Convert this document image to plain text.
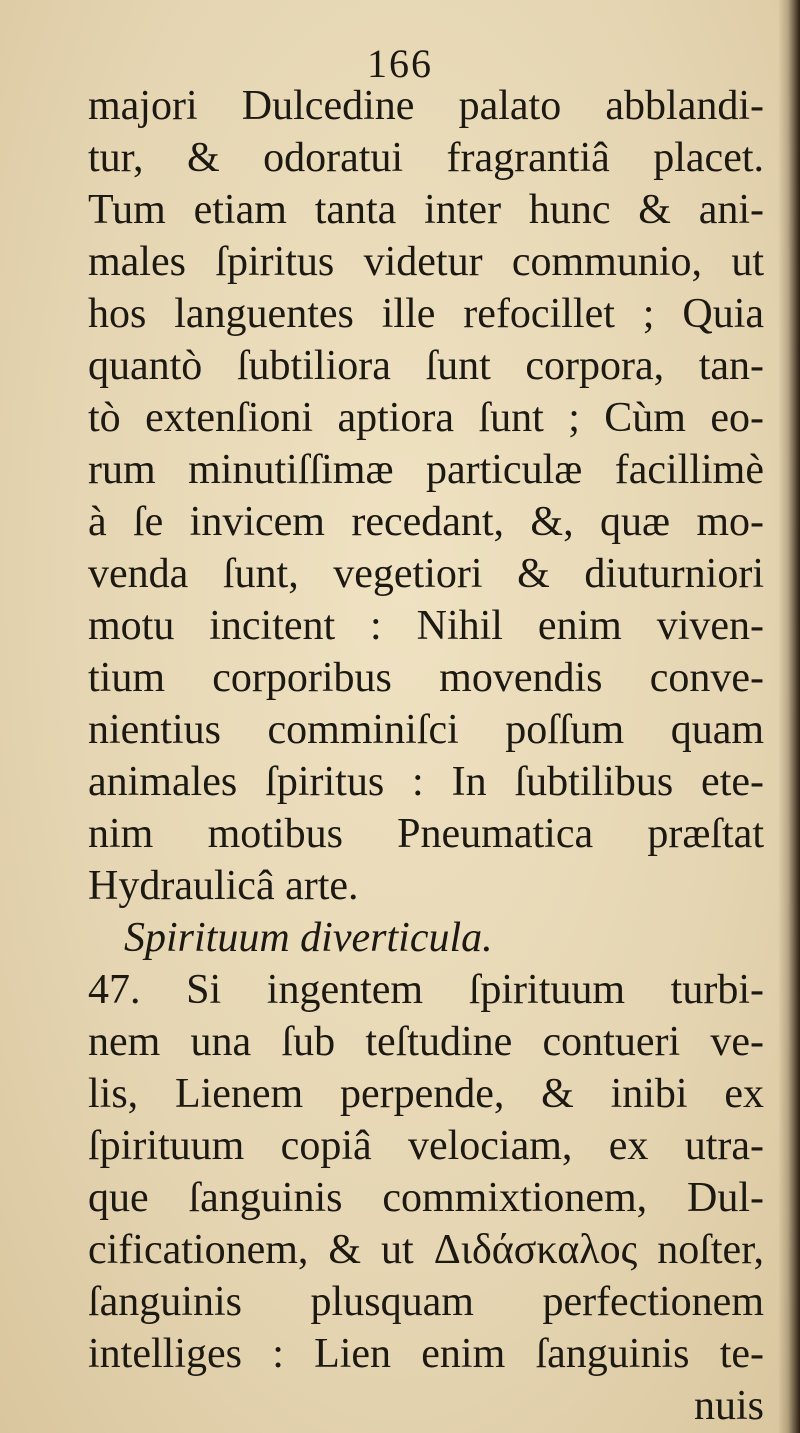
166
majori Dulcedine palato abblandi-
tur, & odoratui fragrantiâ placet.
Tum etiam tanta inter hunc & ani-
males ſpiritus videtur communio, ut
hos languentes ille refocillet ; Quia
quantò ſubtiliora ſunt corpora, tan-
tò extenſioni aptiora ſunt ; Cùm eo-
rum minutiſſimæ particulæ facillimè
à ſe invicem recedant, &, quæ mo-
venda ſunt, vegetiori & diuturniori
motu incitent : Nihil enim viven-
tium corporibus movendis conve-
nientius comminiſci poſſum quam
animales ſpiritus : In ſubtilibus ete-
nim motibus Pneumatica præſtat
Hydraulicâ arte.
Spirituum diverticula.
47. Si ingentem ſpirituum turbi-
nem una ſub teſtudine contueri ve-
lis, Lienem perpende, & inibi ex
ſpirituum copiâ velociam, ex utra-
que ſanguinis commixtionem, Dul-
cificationem, & ut Διδάσκαλος noſter,
ſanguinis plusquam perfectionem
intelliges : Lien enim ſanguinis te-
nuis
